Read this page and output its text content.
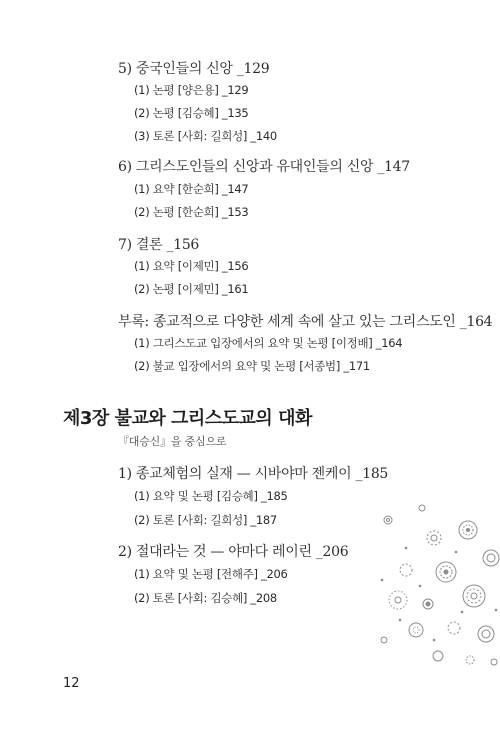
5) 중국인들의 신앙 _129
(1) 논평 [양은용] _129
(2) 논평 [김승혜] _135
(3) 토론 [사회: 길희성] _140
6) 그리스도인들의 신앙과 유대인들의 신앙 _147
(1) 요약 [한순희] _147
(2) 논평 [한순희] _153
7) 결론 _156
(1) 요약 [이제민] _156
(2) 논평 [이제민] _161
부록: 종교적으로 다양한 세계 속에 살고 있는 그리스도인 _164
(1) 그리스도교 입장에서의 요약 및 논평 [이정배] _164
(2) 불교 입장에서의 요약 및 논평 [서종범] _171
제3장 불교와 그리스도교의 대화
『대승신』을 중심으로
1) 종교체험의 실재 — 시바야마 젠케이 _185
(1) 요약 및 논평 [김승혜] _185
(2) 토론 [사회: 길희성] _187
2) 절대라는 것 — 야마다 레이린 _206
(1) 요약 및 논평 [전해주] _206
(2) 토론 [사회: 김승혜] _208
12
